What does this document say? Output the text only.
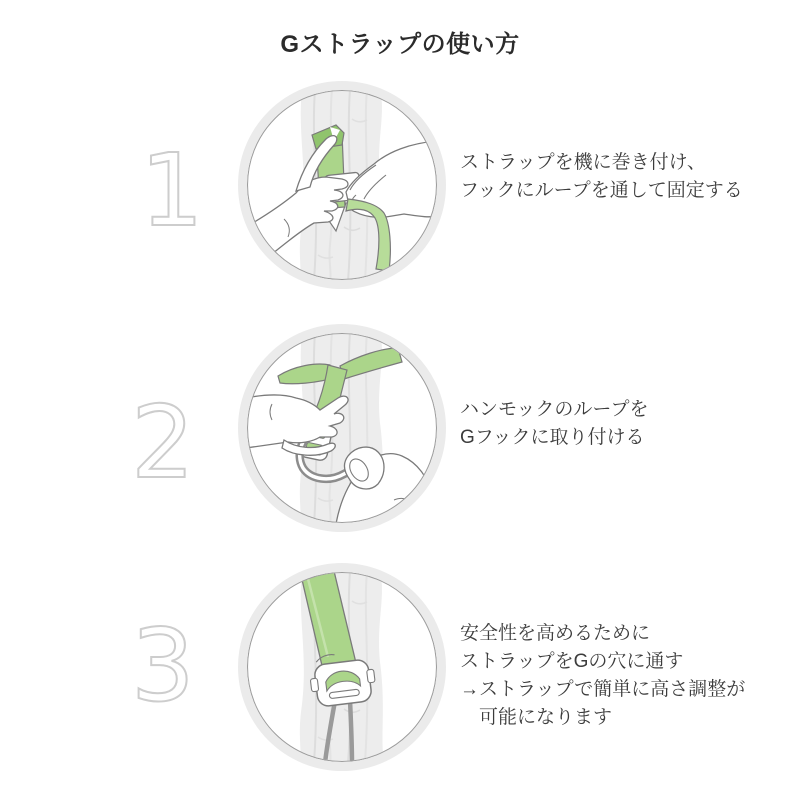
Gストラップの使い方
1	ストラップを機に巻き付け、
フックにループを通して固定する
2	ハンモックのループを
Gフックに取り付ける
3	安全性を高めるために
ストラップをGの穴に通す
→ストラップで簡単に高さ調整が
　可能になります
